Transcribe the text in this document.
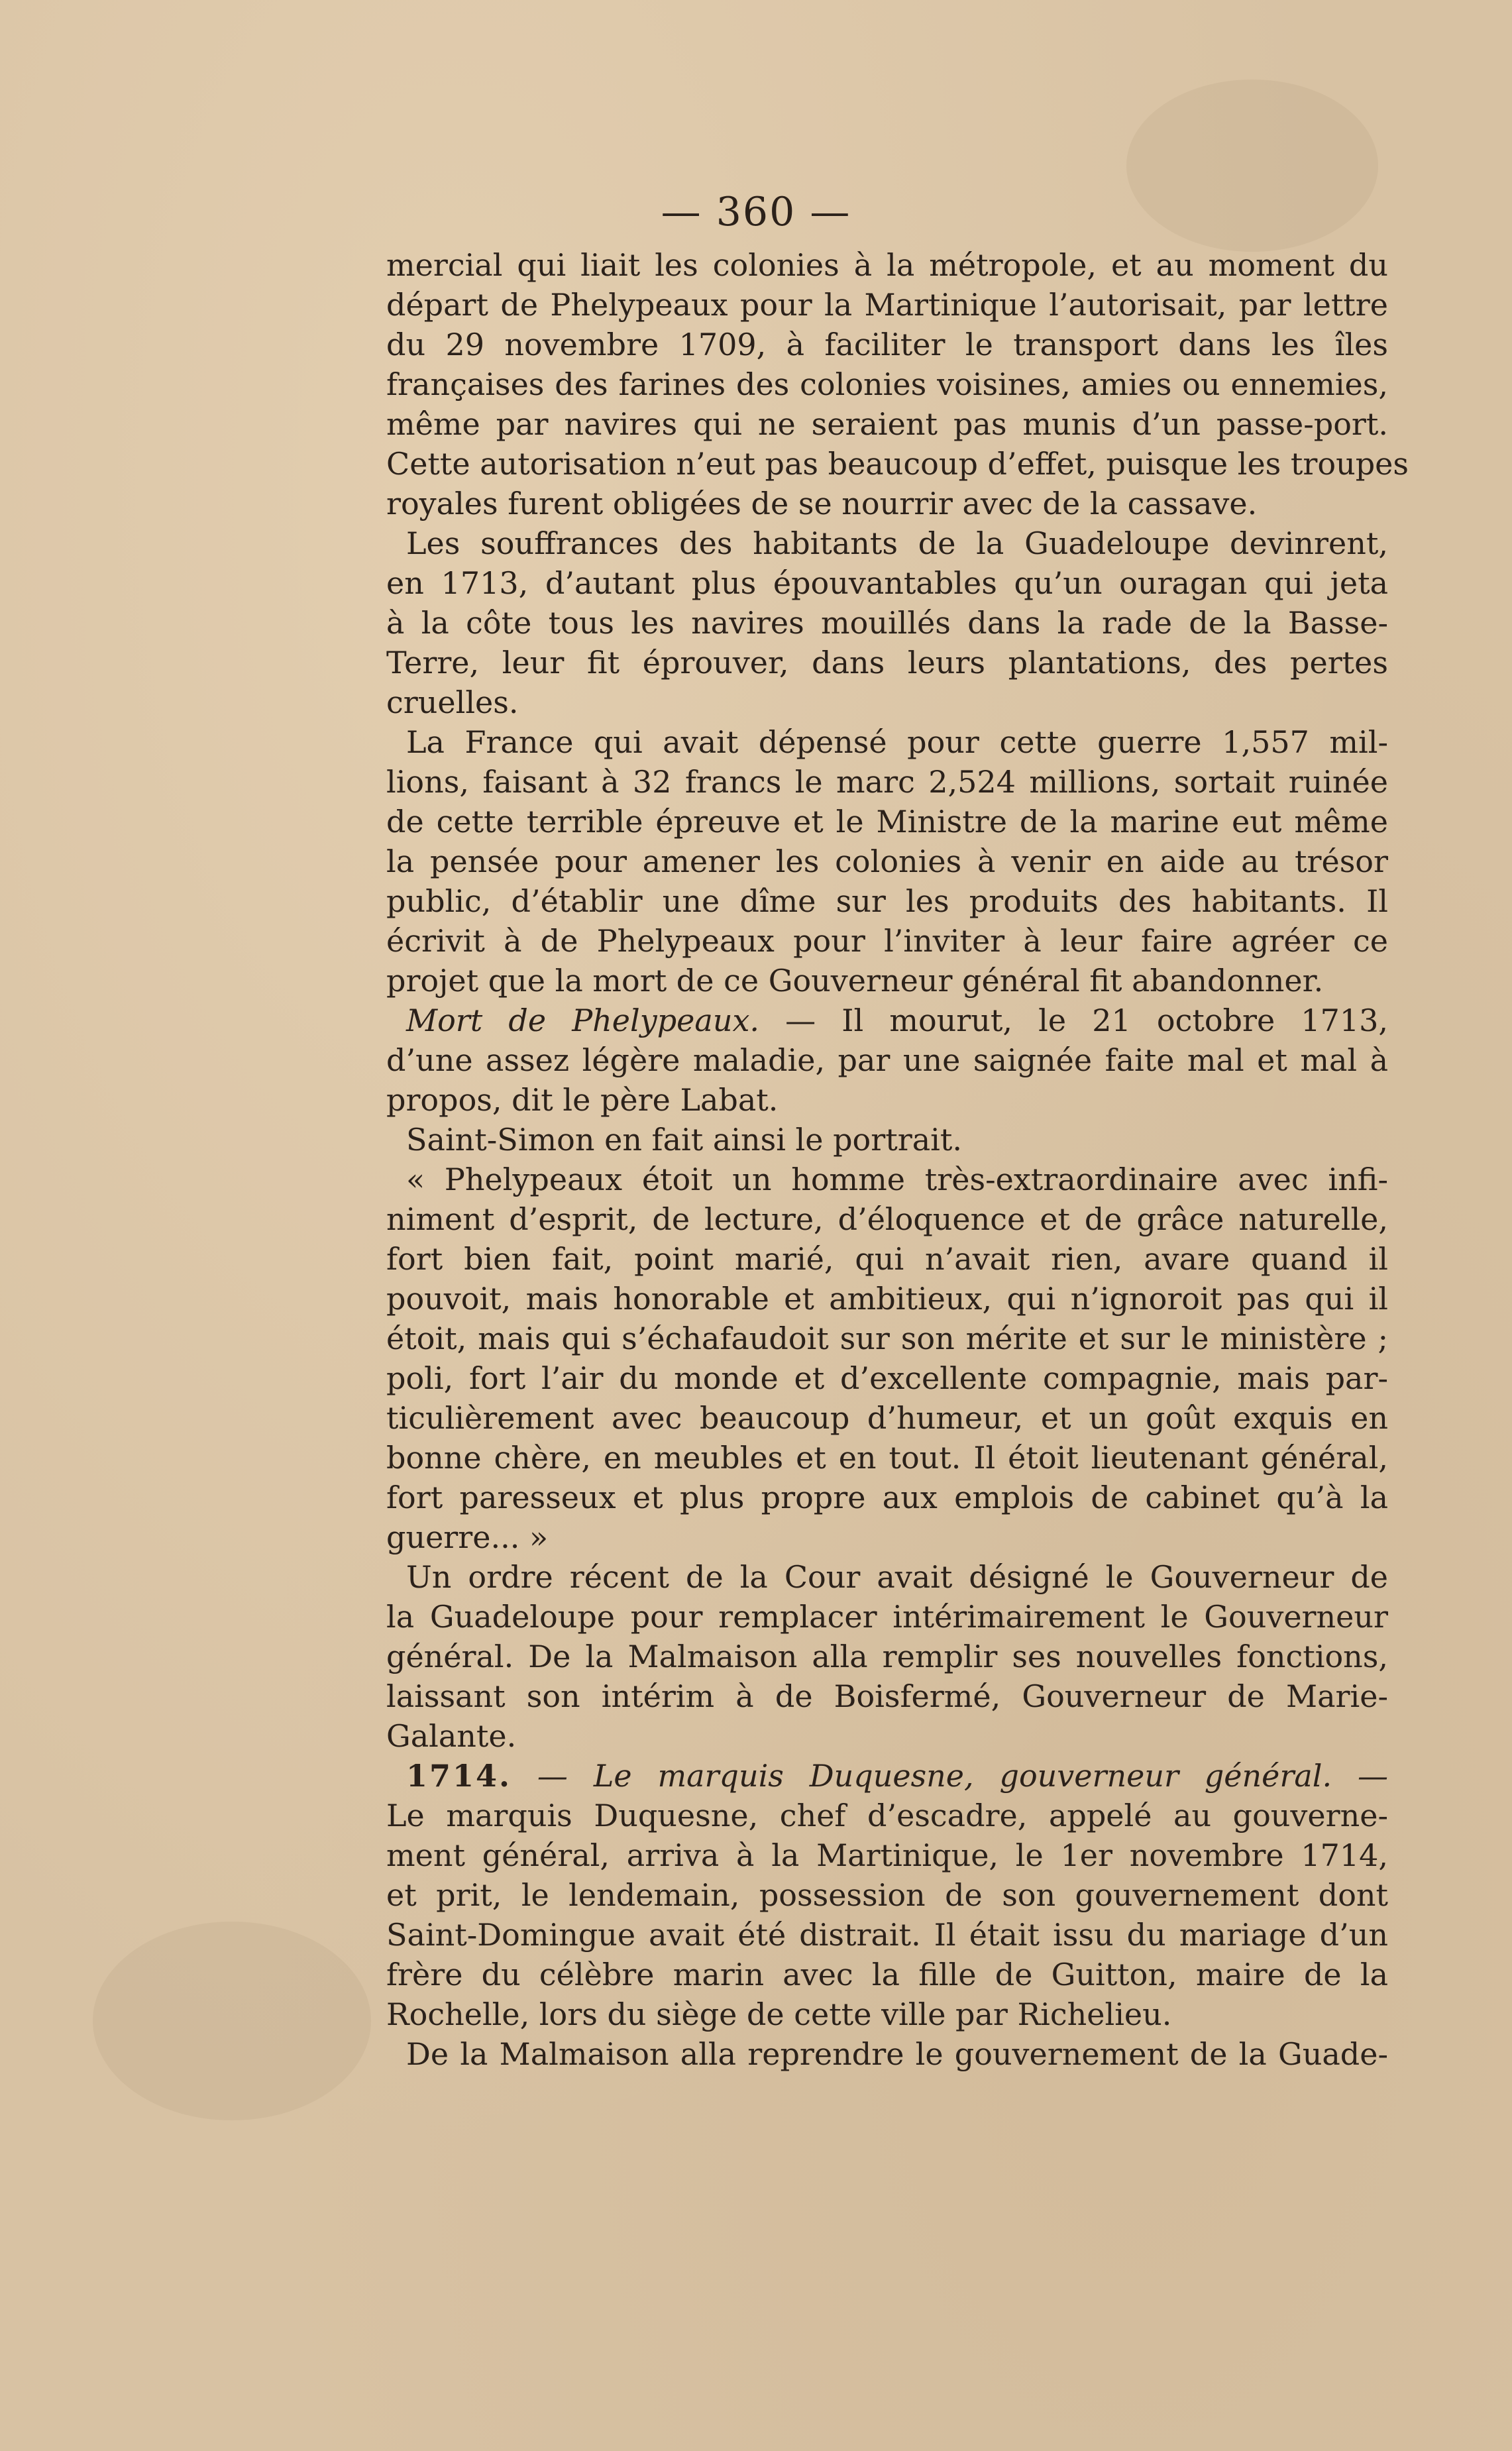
— 360 —
mercial qui liait les colonies à la métropole, et au moment du
départ de Phelypeaux pour la Martinique l’autorisait, par lettre
du 29 novembre 1709, à faciliter le transport dans les îles
françaises des farines des colonies voisines, amies ou ennemies,
même par navires qui ne seraient pas munis d’un passe-port.
Cette autorisation n’eut pas beaucoup d’effet, puisque les troupes
royales furent obligées de se nourrir avec de la cassave.
Les souffrances des habitants de la Guadeloupe devinrent,
en 1713, d’autant plus épouvantables qu’un ouragan qui jeta
à la côte tous les navires mouillés dans la rade de la Basse-
Terre, leur fit éprouver, dans leurs plantations, des pertes
cruelles.
La France qui avait dépensé pour cette guerre 1,557 mil-
lions, faisant à 32 francs le marc 2,524 millions, sortait ruinée
de cette terrible épreuve et le Ministre de la marine eut même
la pensée pour amener les colonies à venir en aide au trésor
public, d’établir une dîme sur les produits des habitants. Il
écrivit à de Phelypeaux pour l’inviter à leur faire agréer ce
projet que la mort de ce Gouverneur général fit abandonner.
Mort de Phelypeaux. — Il mourut, le 21 octobre 1713,
d’une assez légère maladie, par une saignée faite mal et mal à
propos, dit le père Labat.
Saint-Simon en fait ainsi le portrait.
« Phelypeaux étoit un homme très-extraordinaire avec infi-
niment d’esprit, de lecture, d’éloquence et de grâce naturelle,
fort bien fait, point marié, qui n’avait rien, avare quand il
pouvoit, mais honorable et ambitieux, qui n’ignoroit pas qui il
étoit, mais qui s’échafaudoit sur son mérite et sur le ministère ;
poli, fort l’air du monde et d’excellente compagnie, mais par-
ticulièrement avec beaucoup d’humeur, et un goût exquis en
bonne chère, en meubles et en tout. Il étoit lieutenant général,
fort paresseux et plus propre aux emplois de cabinet qu’à la
guerre... »
Un ordre récent de la Cour avait désigné le Gouverneur de
la Guadeloupe pour remplacer intérimairement le Gouverneur
général. De la Malmaison alla remplir ses nouvelles fonctions,
laissant son intérim à de Boisfermé, Gouverneur de Marie-
Galante.
1714. — Le marquis Duquesne, gouverneur général. —
Le marquis Duquesne, chef d’escadre, appelé au gouverne-
ment général, arriva à la Martinique, le 1er novembre 1714,
et prit, le lendemain, possession de son gouvernement dont
Saint-Domingue avait été distrait. Il était issu du mariage d’un
frère du célèbre marin avec la fille de Guitton, maire de la
Rochelle, lors du siège de cette ville par Richelieu.
De la Malmaison alla reprendre le gouvernement de la Guade-
